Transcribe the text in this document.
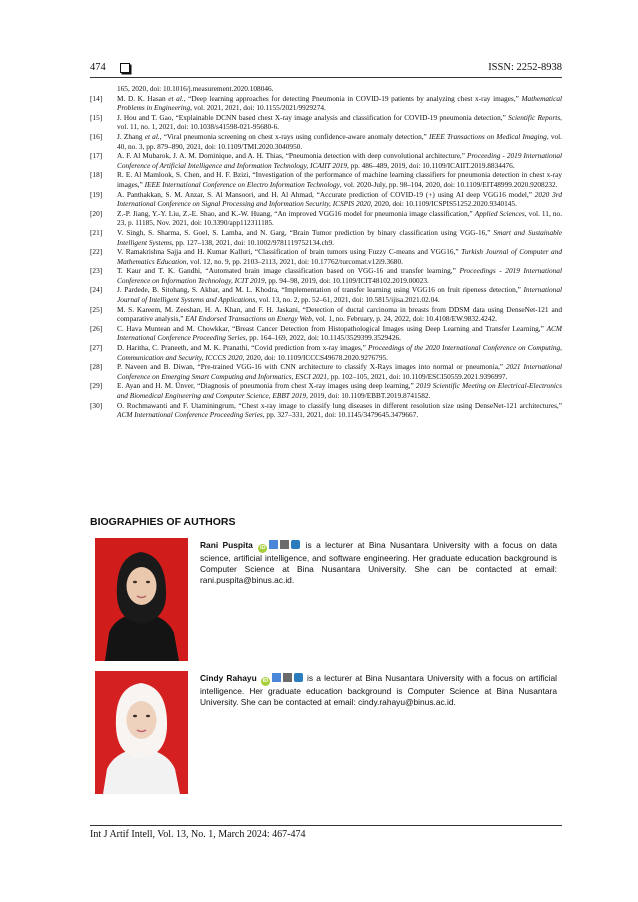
474	ISSN: 2252-8938
165, 2020, doi: 10.1016/j.measurement.2020.108046.
[14]	M. D. K. Hasan et al., “Deep learning approaches for detecting Pneumonia in COVID-19 patients by analyzing chest x-ray images,” Mathematical Problems in Engineering, vol. 2021, 2021, doi: 10.1155/2021/9929274.
[15]	J. Hou and T. Gao, “Explainable DCNN based chest X-ray image analysis and classification for COVID-19 pneumonia detection,” Scientific Reports, vol. 11, no. 1, 2021, doi: 10.1038/s41598-021-95680-6.
[16]	J. Zhang et al., “Viral pneumonia screening on chest x-rays using confidence-aware anomaly detection,” IEEE Transactions on Medical Imaging, vol. 40, no. 3, pp. 879–890, 2021, doi: 10.1109/TMI.2020.3040950.
[17]	A. F. Al Mubarok, J. A. M. Dominique, and A. H. Thias, “Pneumonia detection with deep convolutional architecture,” Proceeding - 2019 International Conference of Artificial Intelligence and Information Technology, ICAIIT 2019, pp. 486–489, 2019, doi: 10.1109/ICAIIT.2019.8834476.
[18]	R. E. Al Mamlook, S. Chen, and H. F. Bzizi, “Investigation of the performance of machine learning classifiers for pneumonia detection in chest x-ray images,” IEEE International Conference on Electro Information Technology, vol. 2020-July, pp. 98–104, 2020, doi: 10.1109/EIT48999.2020.9208232.
[19]	A. Panthakkan, S. M. Anzar, S. Al Mansoori, and H. Al Ahmad, “Accurate prediction of COVID-19 (+) using AI deep VGG16 model,” 2020 3rd International Conference on Signal Processing and Information Security, ICSPIS 2020, 2020, doi: 10.1109/ICSPIS51252.2020.9340145.
[20]	Z.-P. Jiang, Y.-Y. Liu, Z.-E. Shao, and K.-W. Huang, “An improved VGG16 model for pneumonia image classification,” Applied Sciences, vol. 11, no. 23, p. 11185, Nov. 2021, doi: 10.3390/app112311185.
[21]	V. Singh, S. Sharma, S. Goel, S. Lamba, and N. Garg, “Brain Tumor prediction by binary classification using VGG-16,” Smart and Sustainable Intelligent Systems, pp. 127–138, 2021, doi: 10.1002/9781119752134.ch9.
[22]	V. Ramakrishna Sajja and H. Kumar Kalluri, “Classification of brain tumors using Fuzzy C-means and VGG16,” Turkish Journal of Computer and Mathematics Education, vol. 12, no. 9, pp. 2103–2113, 2021, doi: 10.17762/turcomat.v12i9.3680.
[23]	T. Kaur and T. K. Gandhi, “Automated brain image classification based on VGG-16 and transfer learning,” Proceedings - 2019 International Conference on Information Technology, ICIT 2019, pp. 94–98, 2019, doi: 10.1109/ICIT48102.2019.00023.
[24]	J. Pardede, B. Sitohang, S. Akbar, and M. L. Khodra, “Implementation of transfer learning using VGG16 on fruit ripeness detection,” International Journal of Intelligent Systems and Applications, vol. 13, no. 2, pp. 52–61, 2021, doi: 10.5815/ijisa.2021.02.04.
[25]	M. S. Kareem, M. Zeeshan, H. A. Khan, and F. H. Jaskani, “Detection of ductal carcinoma in breasts from DDSM data using DenseNet-121 and comparative analysis,” EAI Endorsed Transactions on Energy Web, vol. 1, no. February, p. 24, 2022, doi: 10.4108/EW.9832.4242.
[26]	C. Hava Muntean and M. Chowkkar, “Breast Cancer Detection from Histopathological Images using Deep Learning and Transfer Learning,” ACM International Conference Proceeding Series, pp. 164–169, 2022, doi: 10.1145/3529399.3529426.
[27]	D. Haritha, C. Praneeth, and M. K. Pranathi, “Covid prediction from x-ray images,” Proceedings of the 2020 International Conference on Computing, Communication and Security, ICCCS 2020, 2020, doi: 10.1109/ICCCS49678.2020.9276795.
[28]	P. Naveen and B. Diwan, “Pre-trained VGG-16 with CNN architecture to classify X-Rays images into normal or pneumonia,” 2021 International Conference on Emerging Smart Computing and Informatics, ESCI 2021, pp. 102–105, 2021, doi: 10.1109/ESCI50559.2021.9396997.
[29]	E. Ayan and H. M. Ünver, “Diagnosis of pneumonia from chest X-ray images using deep learning,” 2019 Scientific Meeting on Electrical-Electronics and Biomedical Engineering and Computer Science, EBBT 2019, 2019, doi: 10.1109/EBBT.2019.8741582.
[30]	O. Rochmawanti and F. Utaminingrum, “Chest x-ray image to classify lung diseases in different resolution size using DenseNet-121 architectures,” ACM International Conference Proceeding Series, pp. 327–331, 2021, doi: 10.1145/3479645.3479667.
BIOGRAPHIES OF AUTHORS
Rani Puspita iD	is a lecturer at Bina Nusantara University with a focus on data science, artificial intelligence, and software engineering. Her graduate education background is Computer Science at Bina Nusantara University. She can be contacted at email: rani.puspita@binus.ac.id.
Cindy Rahayu iD	is a lecturer at Bina Nusantara University with a focus on artificial intelligence. Her graduate education background is Computer Science at Bina Nusantara University. She can be contacted at email: cindy.rahayu@binus.ac.id.
Int J Artif Intell, Vol. 13, No. 1, March 2024: 467-474
